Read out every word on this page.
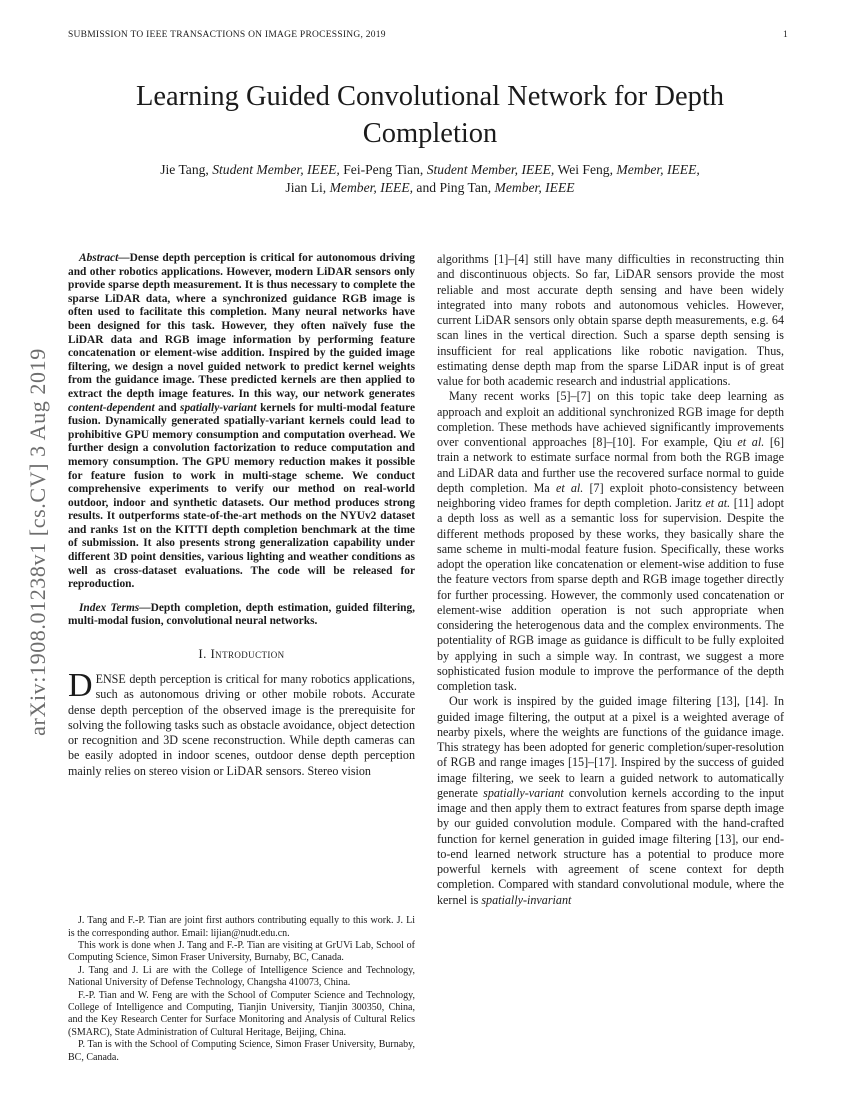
SUBMISSION TO IEEE TRANSACTIONS ON IMAGE PROCESSING, 2019	1
arXiv:1908.01238v1 [cs.CV] 3 Aug 2019
Learning Guided Convolutional Network for Depth Completion
Jie Tang, Student Member, IEEE, Fei-Peng Tian, Student Member, IEEE, Wei Feng, Member, IEEE,
Jian Li, Member, IEEE, and Ping Tan, Member, IEEE

Abstract—Dense depth perception is critical for autonomous driving and other robotics applications. However, modern LiDAR sensors only provide sparse depth measurement. It is thus necessary to complete the sparse LiDAR data, where a synchronized guidance RGB image is often used to facilitate this completion. Many neural networks have been designed for this task. However, they often naïvely fuse the LiDAR data and RGB image information by performing feature concatenation or element-wise addition. Inspired by the guided image filtering, we design a novel guided network to predict kernel weights from the guidance image. These predicted kernels are then applied to extract the depth image features. In this way, our network generates content-dependent and spatially-variant kernels for multi-modal feature fusion. Dynamically generated spatially-variant kernels could lead to prohibitive GPU memory consumption and computation overhead. We further design a convolution factorization to reduce computation and memory consumption. The GPU memory reduction makes it possible for feature fusion to work in multi-stage scheme. We conduct comprehensive experiments to verify our method on real-world outdoor, indoor and synthetic datasets. Our method produces strong results. It outperforms state-of-the-art methods on the NYUv2 dataset and ranks 1st on the KITTI depth completion benchmark at the time of submission. It also presents strong generalization capability under different 3D point densities, various lighting and weather conditions as well as cross-dataset evaluations. The code will be released for reproduction.

Index Terms—Depth completion, depth estimation, guided filtering, multi-modal fusion, convolutional neural networks.

I. Introduction

DENSE depth perception is critical for many robotics applications, such as autonomous driving or other mobile robots. Accurate dense depth perception of the observed image is the prerequisite for solving the following tasks such as obstacle avoidance, object detection or recognition and 3D scene reconstruction. While depth cameras can be easily adopted in indoor scenes, outdoor dense depth perception mainly relies on stereo vision or LiDAR sensors. Stereo vision

J. Tang and F.-P. Tian are joint first authors contributing equally to this work. J. Li is the corresponding author. Email: lijian@nudt.edu.cn.

This work is done when J. Tang and F.-P. Tian are visiting at GrUVi Lab, School of Computing Science, Simon Fraser University, Burnaby, BC, Canada.

J. Tang and J. Li are with the College of Intelligence Science and Technology, National University of Defense Technology, Changsha 410073, China.

F.-P. Tian and W. Feng are with the School of Computer Science and Technology, College of Intelligence and Computing, Tianjin University, Tianjin 300350, China, and the Key Research Center for Surface Monitoring and Analysis of Cultural Relics (SMARC), State Administration of Cultural Heritage, Beijing, China.

P. Tan is with the School of Computing Science, Simon Fraser University, Burnaby, BC, Canada.

algorithms [1]–[4] still have many difficulties in reconstructing thin and discontinuous objects. So far, LiDAR sensors provide the most reliable and most accurate depth sensing and have been widely integrated into many robots and autonomous vehicles. However, current LiDAR sensors only obtain sparse depth measurements, e.g. 64 scan lines in the vertical direction. Such a sparse depth sensing is insufficient for real applications like robotic navigation. Thus, estimating dense depth map from the sparse LiDAR input is of great value for both academic research and industrial applications.

Many recent works [5]–[7] on this topic take deep learning as approach and exploit an additional synchronized RGB image for depth completion. These methods have achieved significantly improvements over conventional approaches [8]–[10]. For example, Qiu et al. [6] train a network to estimate surface normal from both the RGB image and LiDAR data and further use the recovered surface normal to guide depth completion. Ma et al. [7] exploit photo-consistency between neighboring video frames for depth completion. Jaritz et at. [11] adopt a depth loss as well as a semantic loss for supervision. Despite the different methods proposed by these works, they basically share the same scheme in multi-modal feature fusion. Specifically, these works adopt the operation like concatenation or element-wise addition to fuse the feature vectors from sparse depth and RGB image together directly for further processing. However, the commonly used concatenation or element-wise addition operation is not such appropriate when considering the heterogenous data and the complex environments. The potentiality of RGB image as guidance is difficult to be fully exploited by applying in such a simple way. In contrast, we suggest a more sophisticated fusion module to improve the performance of the depth completion task.

Our work is inspired by the guided image filtering [13], [14]. In guided image filtering, the output at a pixel is a weighted average of nearby pixels, where the weights are functions of the guidance image. This strategy has been adopted for generic completion/super-resolution of RGB and range images [15]–[17]. Inspired by the success of guided image filtering, we seek to learn a guided network to automatically generate spatially-variant convolution kernels according to the input image and then apply them to extract features from sparse depth image by our guided convolution module. Compared with the hand-crafted function for kernel generation in guided image filtering [13], our end-to-end learned network structure has a potential to produce more powerful kernels with agreement of scene context for depth completion. Compared with standard convolutional module, where the kernel is spatially-invariant
